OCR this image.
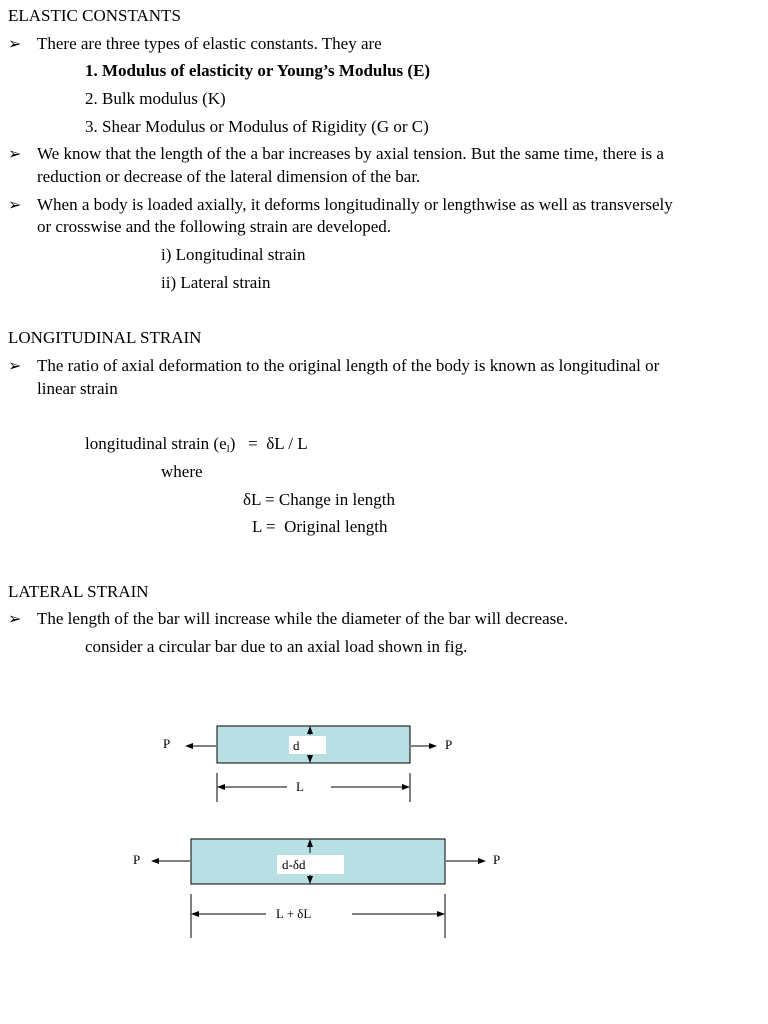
ELASTIC CONSTANTS
➢ There are three types of elastic constants. They are
1. Modulus of elasticity or Young’s Modulus (E)
2. Bulk modulus (K)
3. Shear Modulus or Modulus of Rigidity (G or C)
➢ We know that the length of the a bar increases by axial tension. But the same time, there is a
reduction or decrease of the lateral dimension of the bar.
➢ When a body is loaded axially, it deforms longitudinally or lengthwise as well as transversely
or crosswise and the following strain are developed.
i) Longitudinal strain
ii) Lateral strain
LONGITUDINAL STRAIN
➢ The ratio of axial deformation to the original length of the body is known as longitudinal or
linear strain
longitudinal strain $(e_l) = \delta L / L$
where
δL = Change in length
L =  Original length
LATERAL STRAIN
➢ The length of the bar will increase while the diameter of the bar will decrease.
consider a circular bar due to an axial load shown in fig.
d
P	P
L
d-δd
P	P
L + δL
